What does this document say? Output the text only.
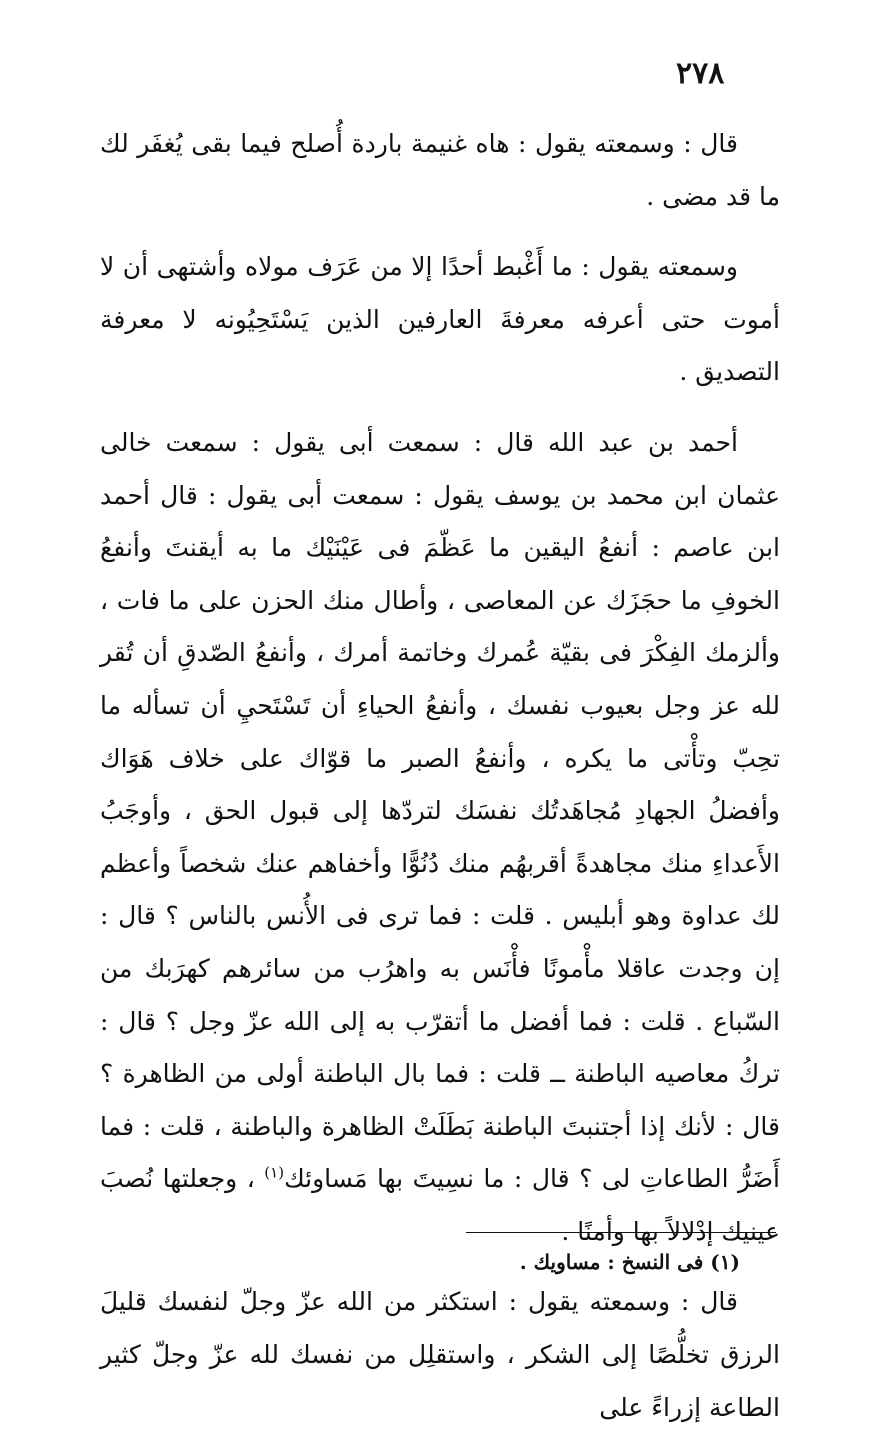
٢٧٨

قال : وسمعته يقول : هاه غنيمة باردة أُصلح فيما بقى يُغفَر لك ما قد مضى .

وسمعته يقول : ما أَغْبط أحدًا إلا من عَرَف مولاه وأشتهى أن لا أموت حتى أعرفه معرفةَ العارفين الذين يَسْتَحِيُونه لا معرفة التصديق .

أحمد بن عبد الله قال : سمعت أبى يقول : سمعت خالى عثمان ابن محمد بن يوسف يقول : سمعت أبى يقول : قال أحمد ابن عاصم : أنفعُ اليقين ما عَظّمَ فى عَيْنَيْك ما به أيقنتَ وأنفعُ الخوفِ ما حجَزَك عن المعاصى ، وأطال منك الحزن على ما فات ، وألزمك الفِكْرَ فى بقيّة عُمرك وخاتمة أمرك ، وأنفعُ الصّدقِ أن تُقر لله عز وجل بعيوب نفسك ، وأنفعُ الحياءِ أن تَسْتَحيِ أن تسأله ما تحِبّ وتأْتى ما يكره ، وأنفعُ الصبر ما قوّاك على خلاف هَوَاك وأفضلُ الجهادِ مُجاهَدتُك نفسَك لتردّها إلى قبول الحق ، وأوجَبُ الأَعداءِ منك مجاهدةً أقربهُم منك دُنُوًّا وأخفاهم عنك شخصاً وأعظم لك عداوة وهو أبليس . قلت : فما ترى فى الأُنس بالناس ؟ قال : إن وجدت عاقلا مأْمونًا فأْنَس به واهرُب من سائرهم كهرَبك من السّباع . قلت : فما أفضل ما أتقرّب به إلى الله عزّ وجل ؟ قال : تركُ معاصيه الباطنة ــ قلت : فما بال الباطنة أولى من الظاهرة ؟ قال : لأنك إذا أجتنبتَ الباطنة بَطَلَتْ الظاهرة والباطنة ، قلت : فما أَضَرُّ الطاعاتِ لى ؟ قال : ما نسِيتَ بها مَساوئك$^{(١)}$ ، وجعلتها نُصبَ عينيك إدْلالاً بها وأمنًا .

قال : وسمعته يقول : استكثر من الله عزّ وجلّ لنفسك قليلَ الرزق تخلُّصًا إلى الشكر ، واستقلِل من نفسك لله عزّ وجلّ كثير الطاعة إزراءً على

(١) فى النسخ : مساويك .
